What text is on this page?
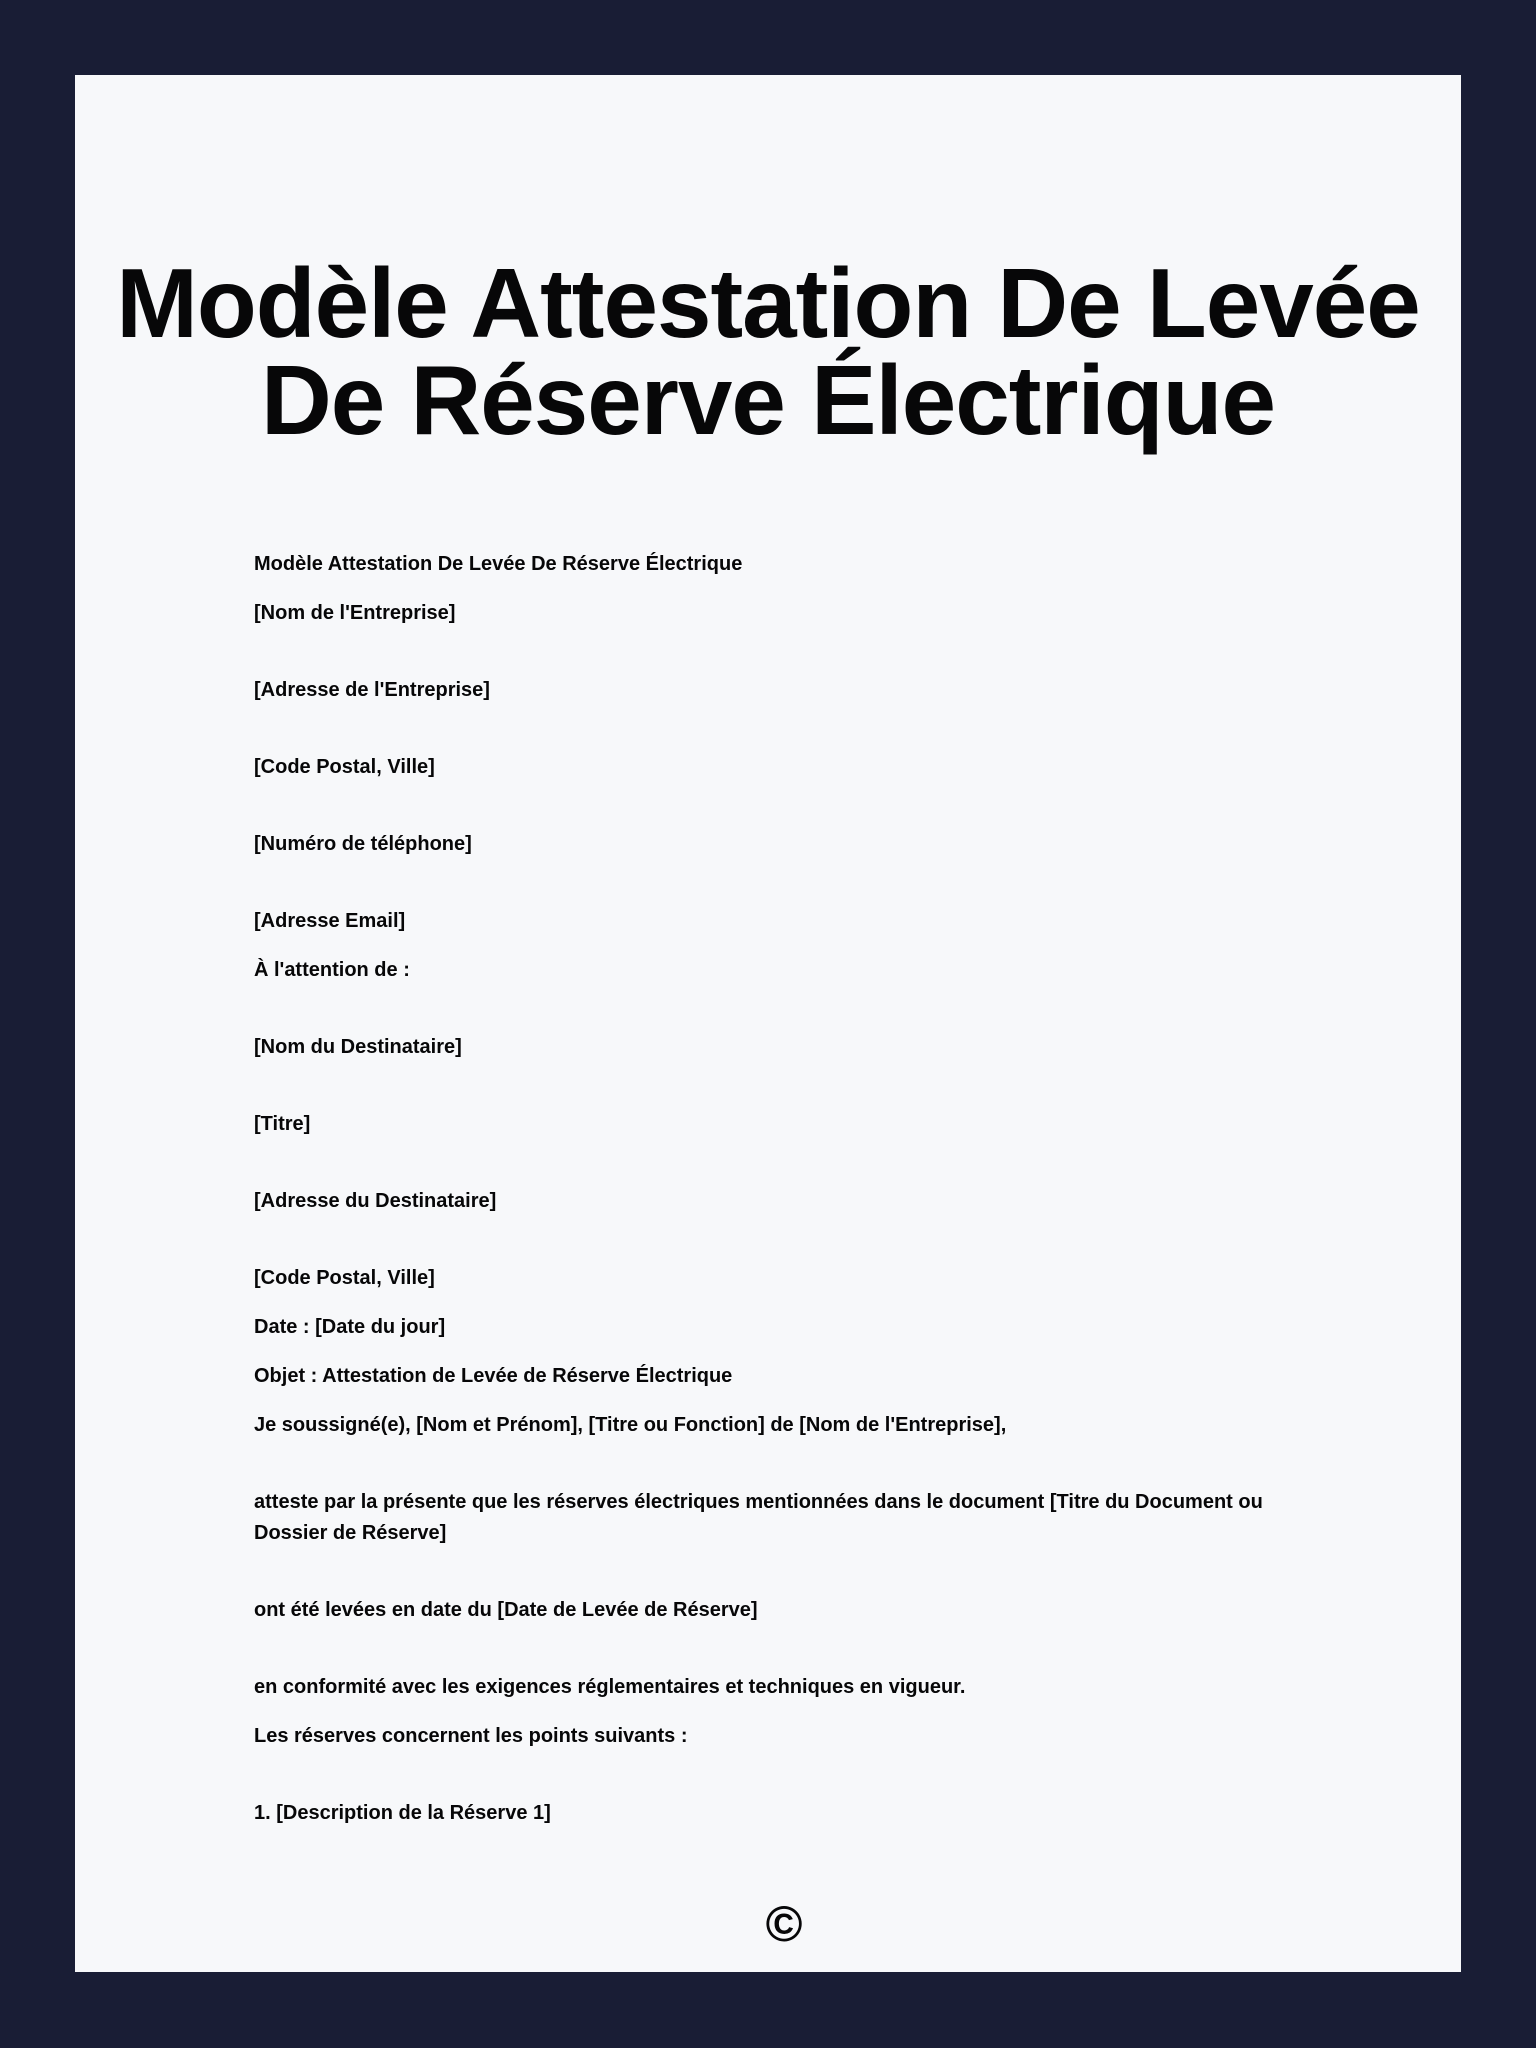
Modèle Attestation De Levée De Réserve Électrique

Modèle Attestation De Levée De Réserve Électrique

[Nom de l'Entreprise]

[Adresse de l'Entreprise]

[Code Postal, Ville]

[Numéro de téléphone]

[Adresse Email]

À l'attention de :

[Nom du Destinataire]

[Titre]

[Adresse du Destinataire]

[Code Postal, Ville]

Date : [Date du jour]

Objet : Attestation de Levée de Réserve Électrique

Je soussigné(e), [Nom et Prénom], [Titre ou Fonction] de [Nom de l'Entreprise],

atteste par la présente que les réserves électriques mentionnées dans le document [Titre du Document ou Dossier de Réserve]

ont été levées en date du [Date de Levée de Réserve]

en conformité avec les exigences réglementaires et techniques en vigueur.

Les réserves concernent les points suivants :

1. [Description de la Réserve 1]

©
